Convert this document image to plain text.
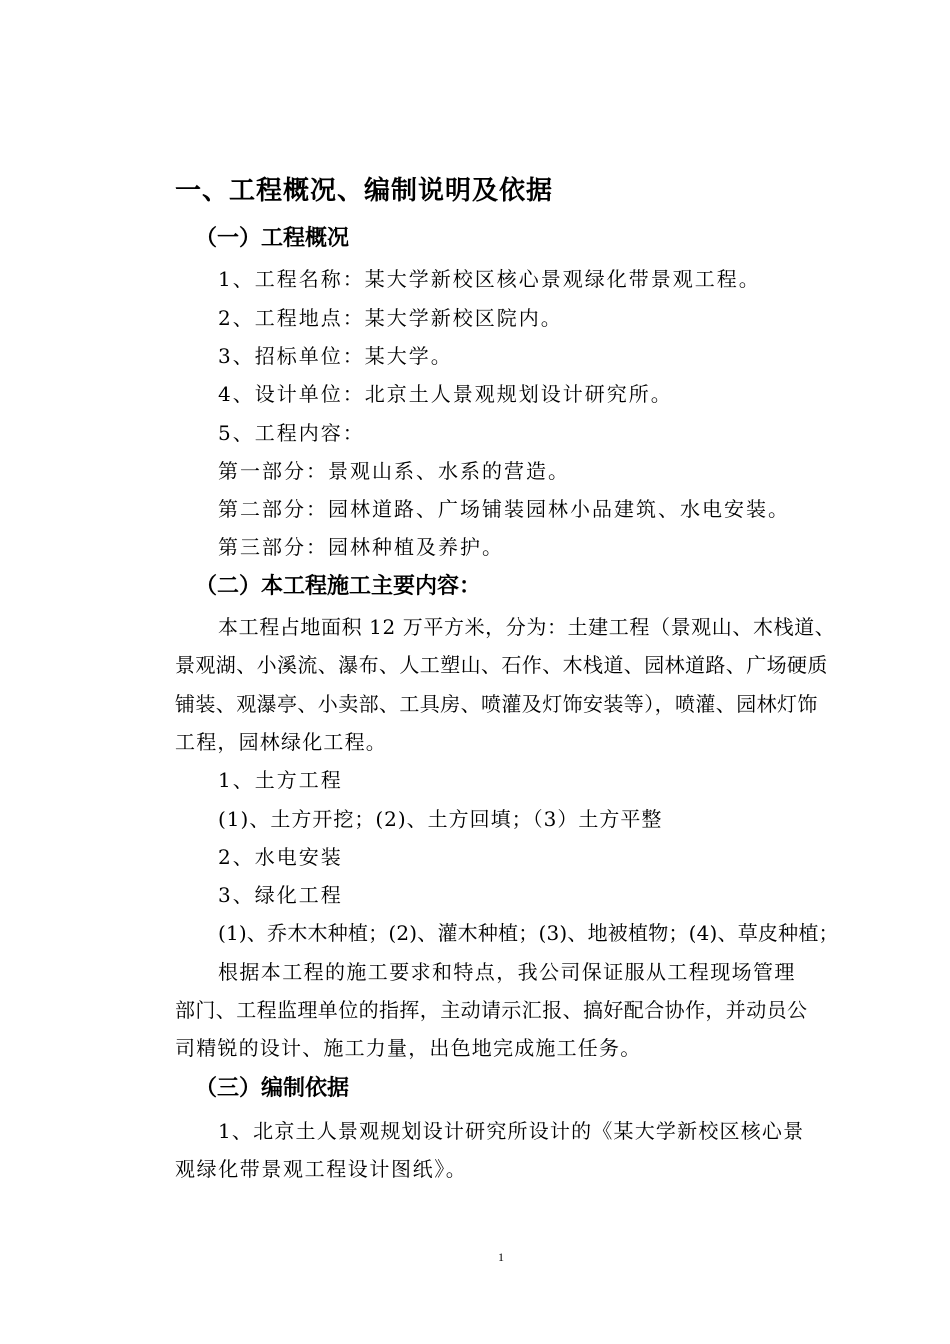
一、工程概况、编制说明及依据
（一）工程概况
1、工程名称：某大学新校区核心景观绿化带景观工程。
2、工程地点：某大学新校区院内。
3、招标单位：某大学。
4、设计单位：北京土人景观规划设计研究所。
5、工程内容：
第一部分：景观山系、水系的营造。
第二部分：园林道路、广场铺装园林小品建筑、水电安装。
第三部分：园林种植及养护。
（二）本工程施工主要内容：
本工程占地面积 12 万平方米，分为：土建工程（景观山、木栈道、
景观湖、小溪流、瀑布、人工塑山、石作、木栈道、园林道路、广场硬质
铺装、观瀑亭、小卖部、工具房、喷灌及灯饰安装等），喷灌、园林灯饰
工程，园林绿化工程。
1、土方工程
(1)、土方开挖；(2)、土方回填；（3）土方平整
2、水电安装
3、绿化工程
(1)、乔木木种植；(2)、灌木种植；(3)、地被植物；(4)、草皮种植；
根据本工程的施工要求和特点，我公司保证服从工程现场管理
部门、工程监理单位的指挥，主动请示汇报、搞好配合协作，并动员公
司精锐的设计、施工力量，出色地完成施工任务。
（三）编制依据
1、北京土人景观规划设计研究所设计的《某大学新校区核心景
观绿化带景观工程设计图纸》。
1
